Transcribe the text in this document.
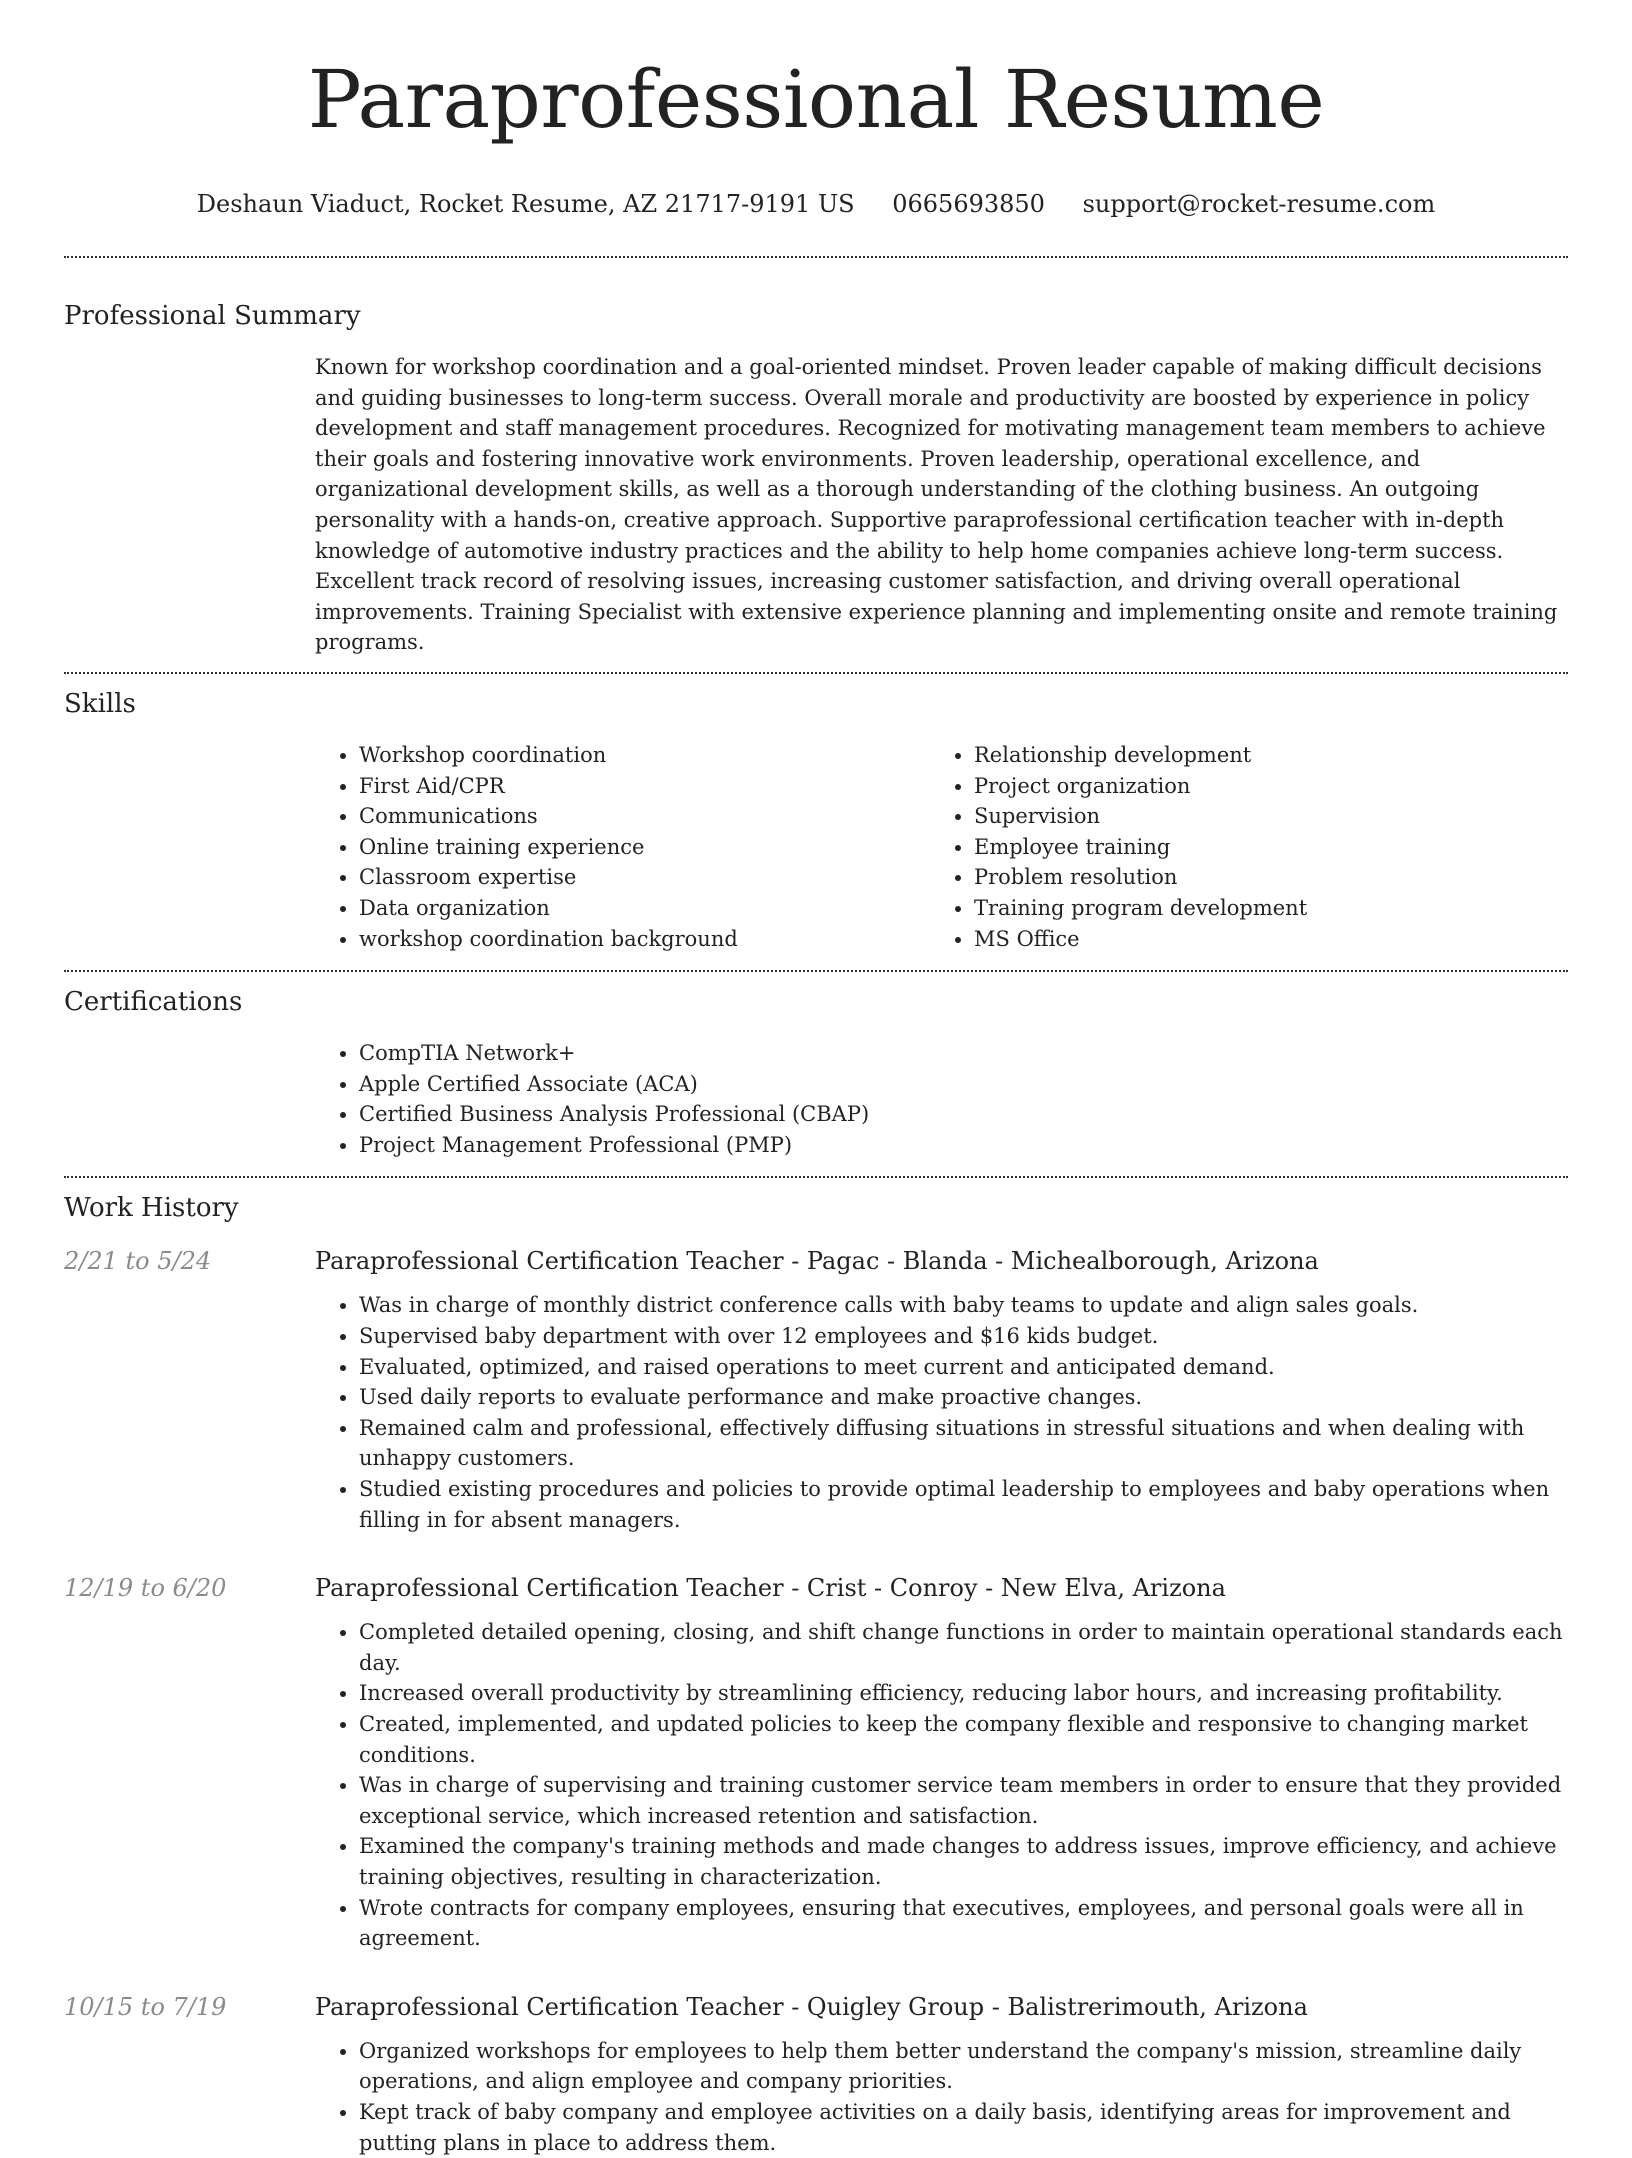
Paraprofessional Resume
Deshaun Viaduct, Rocket Resume, AZ 21717-9191 US 0665693850 support@rocket-resume.com
Professional Summary
Known for workshop coordination and a goal-oriented mindset. Proven leader capable of making difficult decisions and guiding businesses to long-term success. Overall morale and productivity are boosted by experience in policy development and staff management procedures. Recognized for motivating management team members to achieve their goals and fostering innovative work environments. Proven leadership, operational excellence, and organizational development skills, as well as a thorough understanding of the clothing business. An outgoing personality with a hands-on, creative approach. Supportive paraprofessional certification teacher with in-depth knowledge of automotive industry practices and the ability to help home companies achieve long-term success. Excellent track record of resolving issues, increasing customer satisfaction, and driving overall operational improvements. Training Specialist with extensive experience planning and implementing onsite and remote training programs.
Skills
• Workshop coordination
• First Aid/CPR
• Communications
• Online training experience
• Classroom expertise
• Data organization
• workshop coordination background
• Relationship development
• Project organization
• Supervision
• Employee training
• Problem resolution
• Training program development
• MS Office
Certifications
• CompTIA Network+
• Apple Certified Associate (ACA)
• Certified Business Analysis Professional (CBAP)
• Project Management Professional (PMP)
Work History
2/21 to 5/24	Paraprofessional Certification Teacher - Pagac - Blanda - Michealborough, Arizona
• Was in charge of monthly district conference calls with baby teams to update and align sales goals.
• Supervised baby department with over 12 employees and $16 kids budget.
• Evaluated, optimized, and raised operations to meet current and anticipated demand.
• Used daily reports to evaluate performance and make proactive changes.
• Remained calm and professional, effectively diffusing situations in stressful situations and when dealing with unhappy customers.
• Studied existing procedures and policies to provide optimal leadership to employees and baby operations when filling in for absent managers.
12/19 to 6/20	Paraprofessional Certification Teacher - Crist - Conroy - New Elva, Arizona
• Completed detailed opening, closing, and shift change functions in order to maintain operational standards each day.
• Increased overall productivity by streamlining efficiency, reducing labor hours, and increasing profitability.
• Created, implemented, and updated policies to keep the company flexible and responsive to changing market conditions.
• Was in charge of supervising and training customer service team members in order to ensure that they provided exceptional service, which increased retention and satisfaction.
• Examined the company's training methods and made changes to address issues, improve efficiency, and achieve training objectives, resulting in characterization.
• Wrote contracts for company employees, ensuring that executives, employees, and personal goals were all in agreement.
10/15 to 7/19	Paraprofessional Certification Teacher - Quigley Group - Balistrerimouth, Arizona
• Organized workshops for employees to help them better understand the company's mission, streamline daily operations, and align employee and company priorities.
• Kept track of baby company and employee activities on a daily basis, identifying areas for improvement and putting plans in place to address them.
